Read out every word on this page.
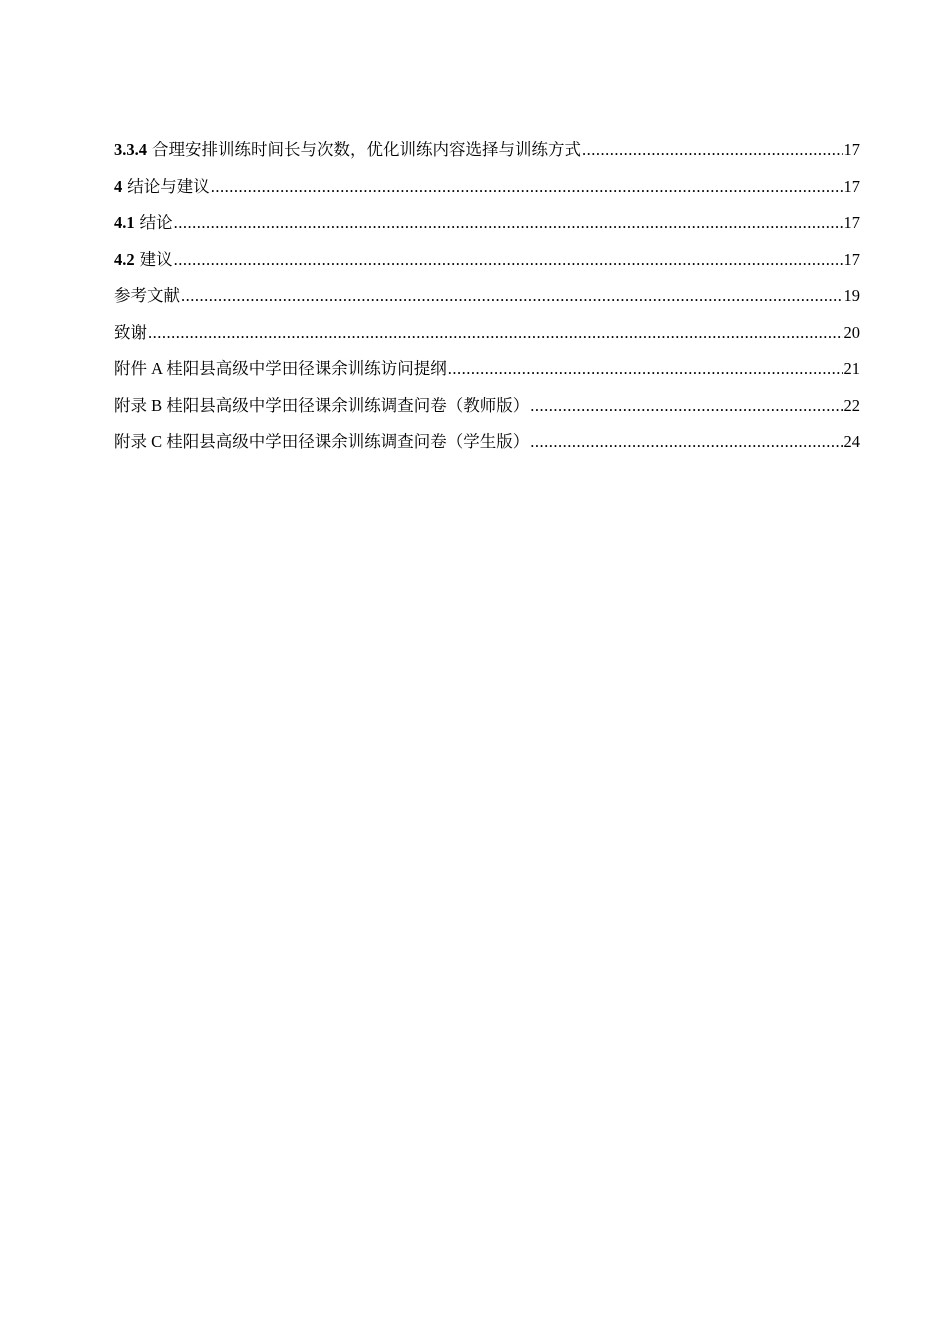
3.3.4 合理安排训练时间长与次数，优化训练内容选择与训练方式 .....	17
4 结论与建议 .....	17
4.1 结论 .....	17
4.2 建议 .....	17
参考文献 .....	19
致谢 .....	20
附件 A 桂阳县高级中学田径课余训练访问提纲 .....	21
附录 B 桂阳县高级中学田径课余训练调查问卷（教师版） .....	22
附录 C 桂阳县高级中学田径课余训练调查问卷（学生版） .....	24
